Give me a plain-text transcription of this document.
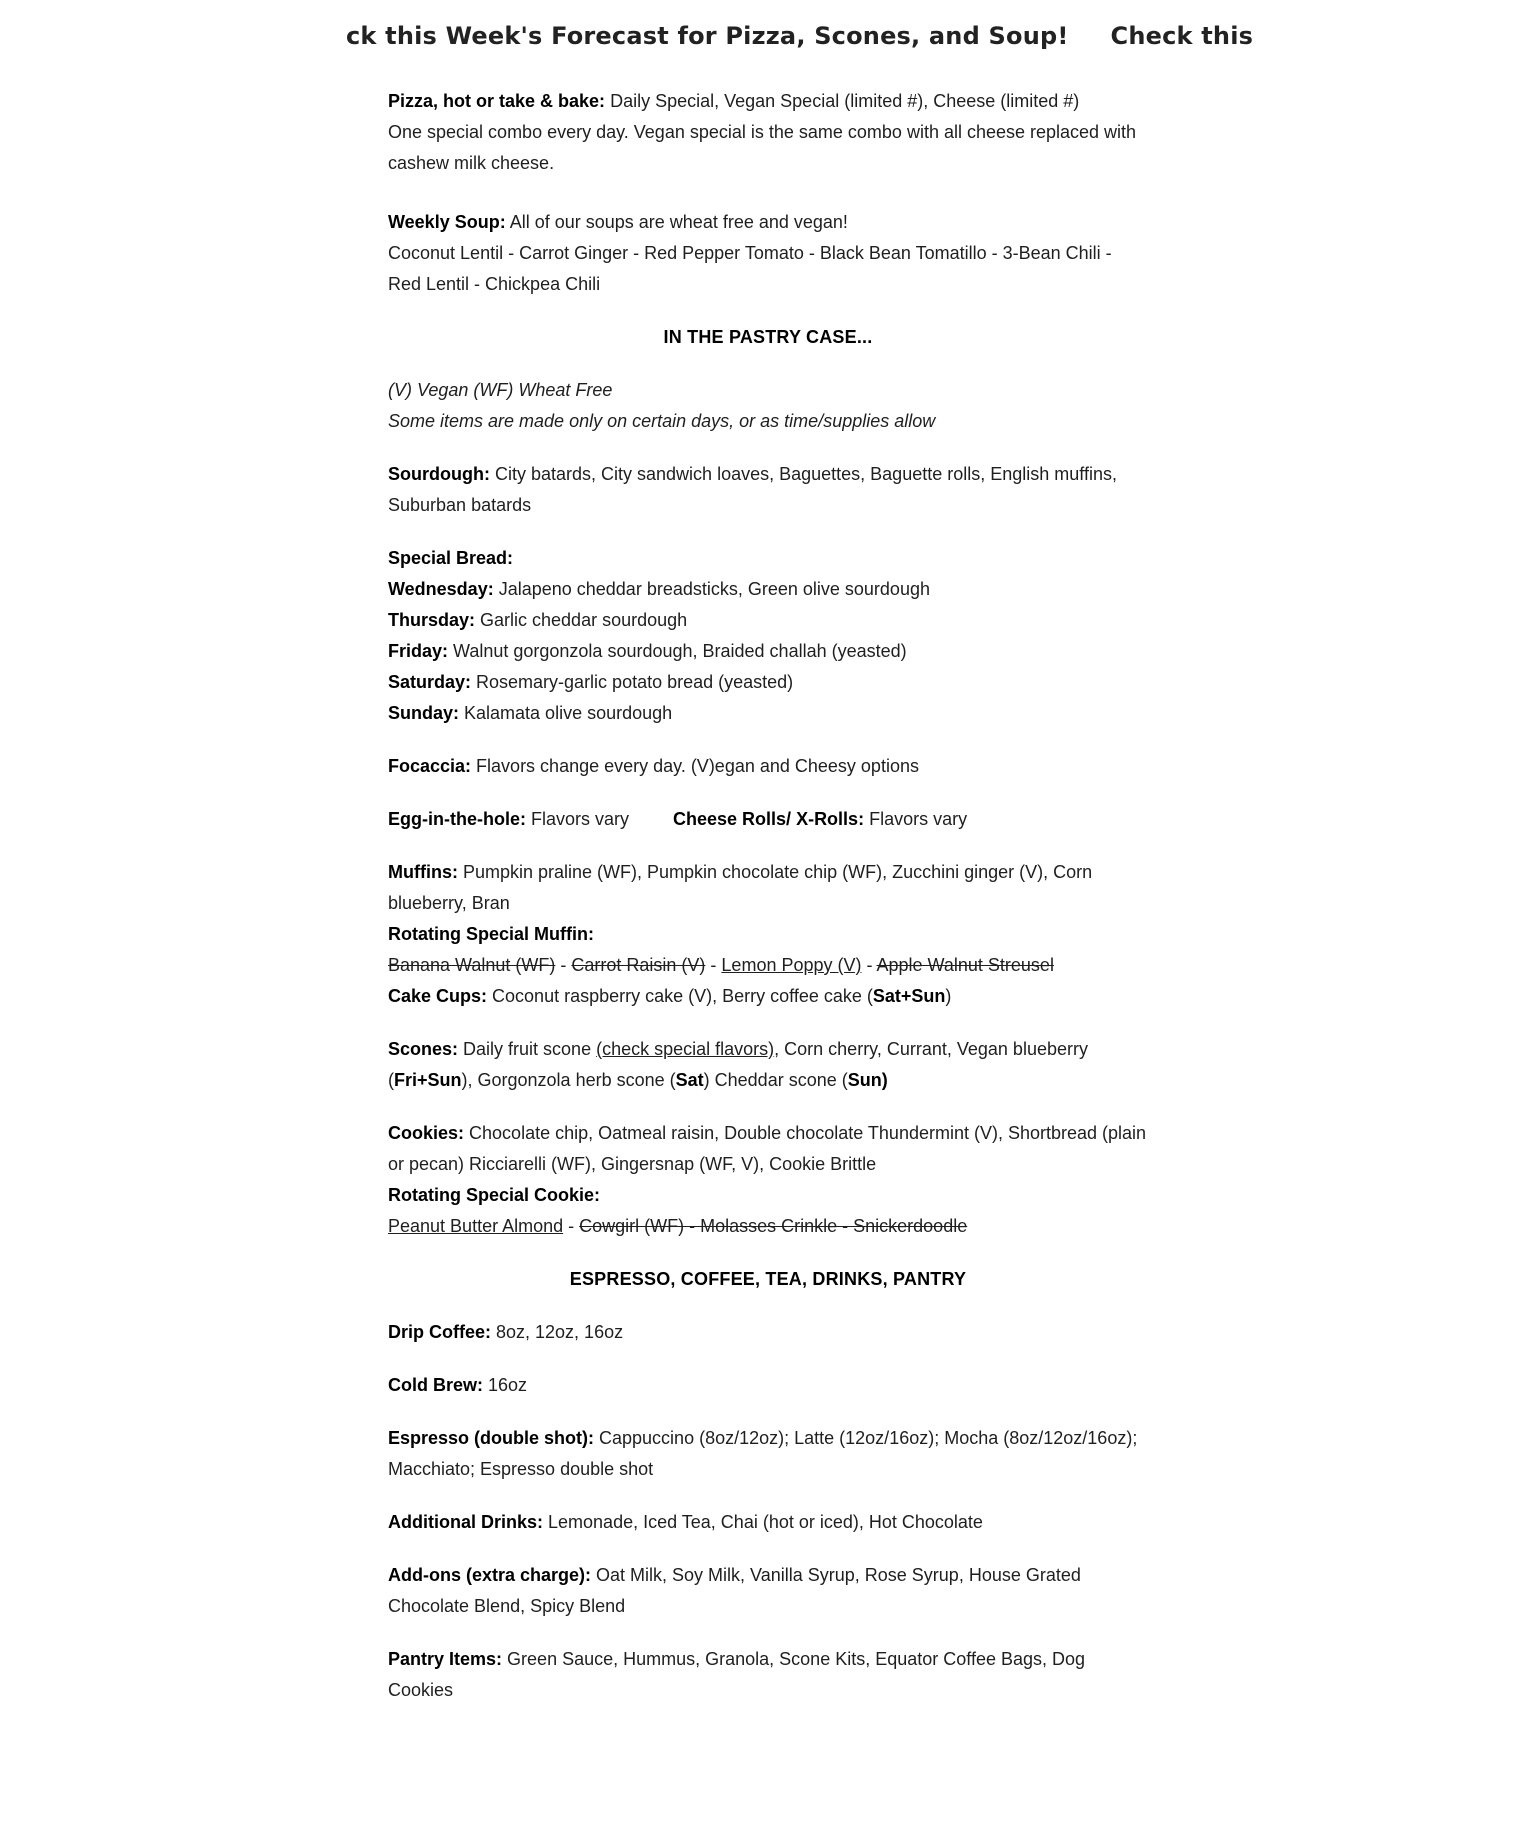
ck this Week's Forecast for Pizza, Scones, and Soup! Check this

Pizza, hot or take & bake: Daily Special, Vegan Special (limited #), Cheese (limited #)

One special combo every day. Vegan special is the same combo with all cheese replaced with cashew milk cheese.

Weekly Soup: All of our soups are wheat free and vegan!

Coconut Lentil - Carrot Ginger - Red Pepper Tomato - Black Bean Tomatillo - 3-Bean Chili - Red Lentil - Chickpea Chili

IN THE PASTRY CASE...

(V) Vegan (WF) Wheat Free

Some items are made only on certain days, or as time/supplies allow

Sourdough: City batards, City sandwich loaves, Baguettes, Baguette rolls, English muffins, Suburban batards

Special Bread:

Wednesday: Jalapeno cheddar breadsticks, Green olive sourdough

Thursday: Garlic cheddar sourdough

Friday: Walnut gorgonzola sourdough, Braided challah (yeasted)

Saturday: Rosemary-garlic potato bread (yeasted)

Sunday: Kalamata olive sourdough

Focaccia: Flavors change every day. (V)egan and Cheesy options

Egg-in-the-hole: Flavors vary Cheese Rolls/ X-Rolls: Flavors vary

Muffins: Pumpkin praline (WF), Pumpkin chocolate chip (WF), Zucchini ginger (V), Corn blueberry, Bran

Rotating Special Muffin:

Banana Walnut (WF) - Carrot Raisin (V) - Lemon Poppy (V) - Apple Walnut Streusel

Cake Cups: Coconut raspberry cake (V), Berry coffee cake (Sat+Sun)

Scones: Daily fruit scone (check special flavors), Corn cherry, Currant, Vegan blueberry (Fri+Sun), Gorgonzola herb scone (Sat) Cheddar scone (Sun)

Cookies: Chocolate chip, Oatmeal raisin, Double chocolate Thundermint (V), Shortbread (plain or pecan) Ricciarelli (WF), Gingersnap (WF, V), Cookie Brittle

Rotating Special Cookie:

Peanut Butter Almond - Cowgirl (WF) - Molasses Crinkle - Snickerdoodle

ESPRESSO, COFFEE, TEA, DRINKS, PANTRY

Drip Coffee: 8oz, 12oz, 16oz

Cold Brew: 16oz

Espresso (double shot): Cappuccino (8oz/12oz); Latte (12oz/16oz); Mocha (8oz/12oz/16oz); Macchiato; Espresso double shot

Additional Drinks: Lemonade, Iced Tea, Chai (hot or iced), Hot Chocolate

Add-ons (extra charge): Oat Milk, Soy Milk, Vanilla Syrup, Rose Syrup, House Grated Chocolate Blend, Spicy Blend

Pantry Items: Green Sauce, Hummus, Granola, Scone Kits, Equator Coffee Bags, Dog Cookies
